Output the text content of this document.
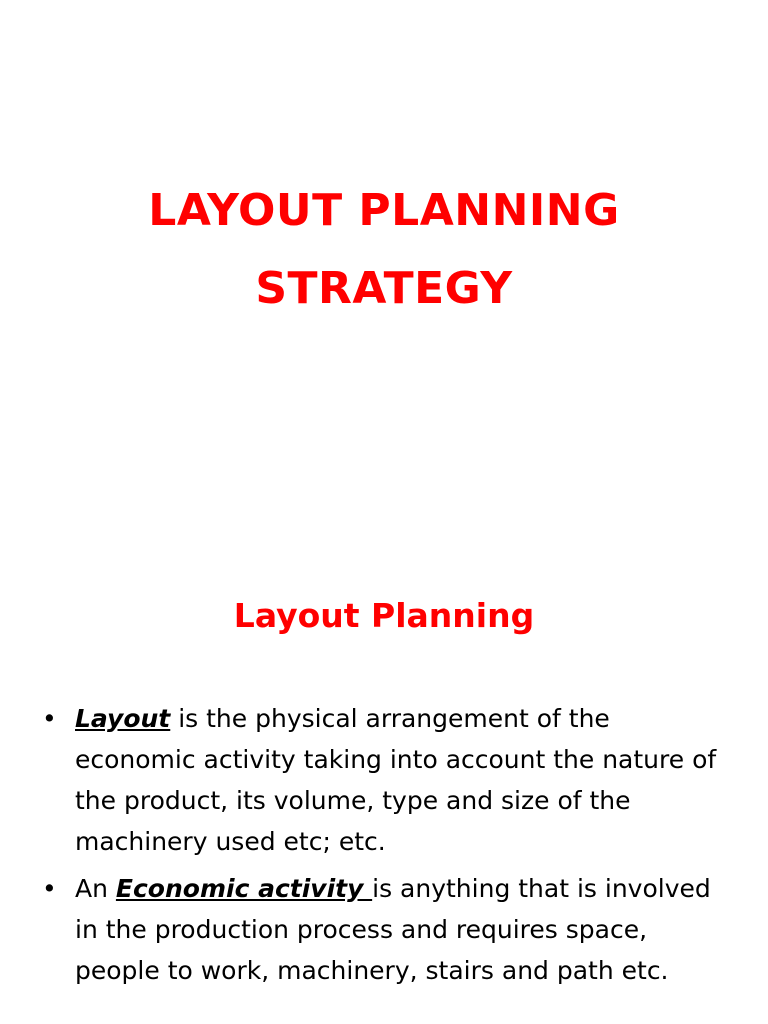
LAYOUT PLANNING
STRATEGY
Layout Planning
• Layout is the physical arrangement of the economic activity taking into account the nature of the product, its volume, type and size of the machinery used etc; etc.
• An Economic activity is anything that is involved in the production process and requires space, people to work, machinery, stairs and path etc.
